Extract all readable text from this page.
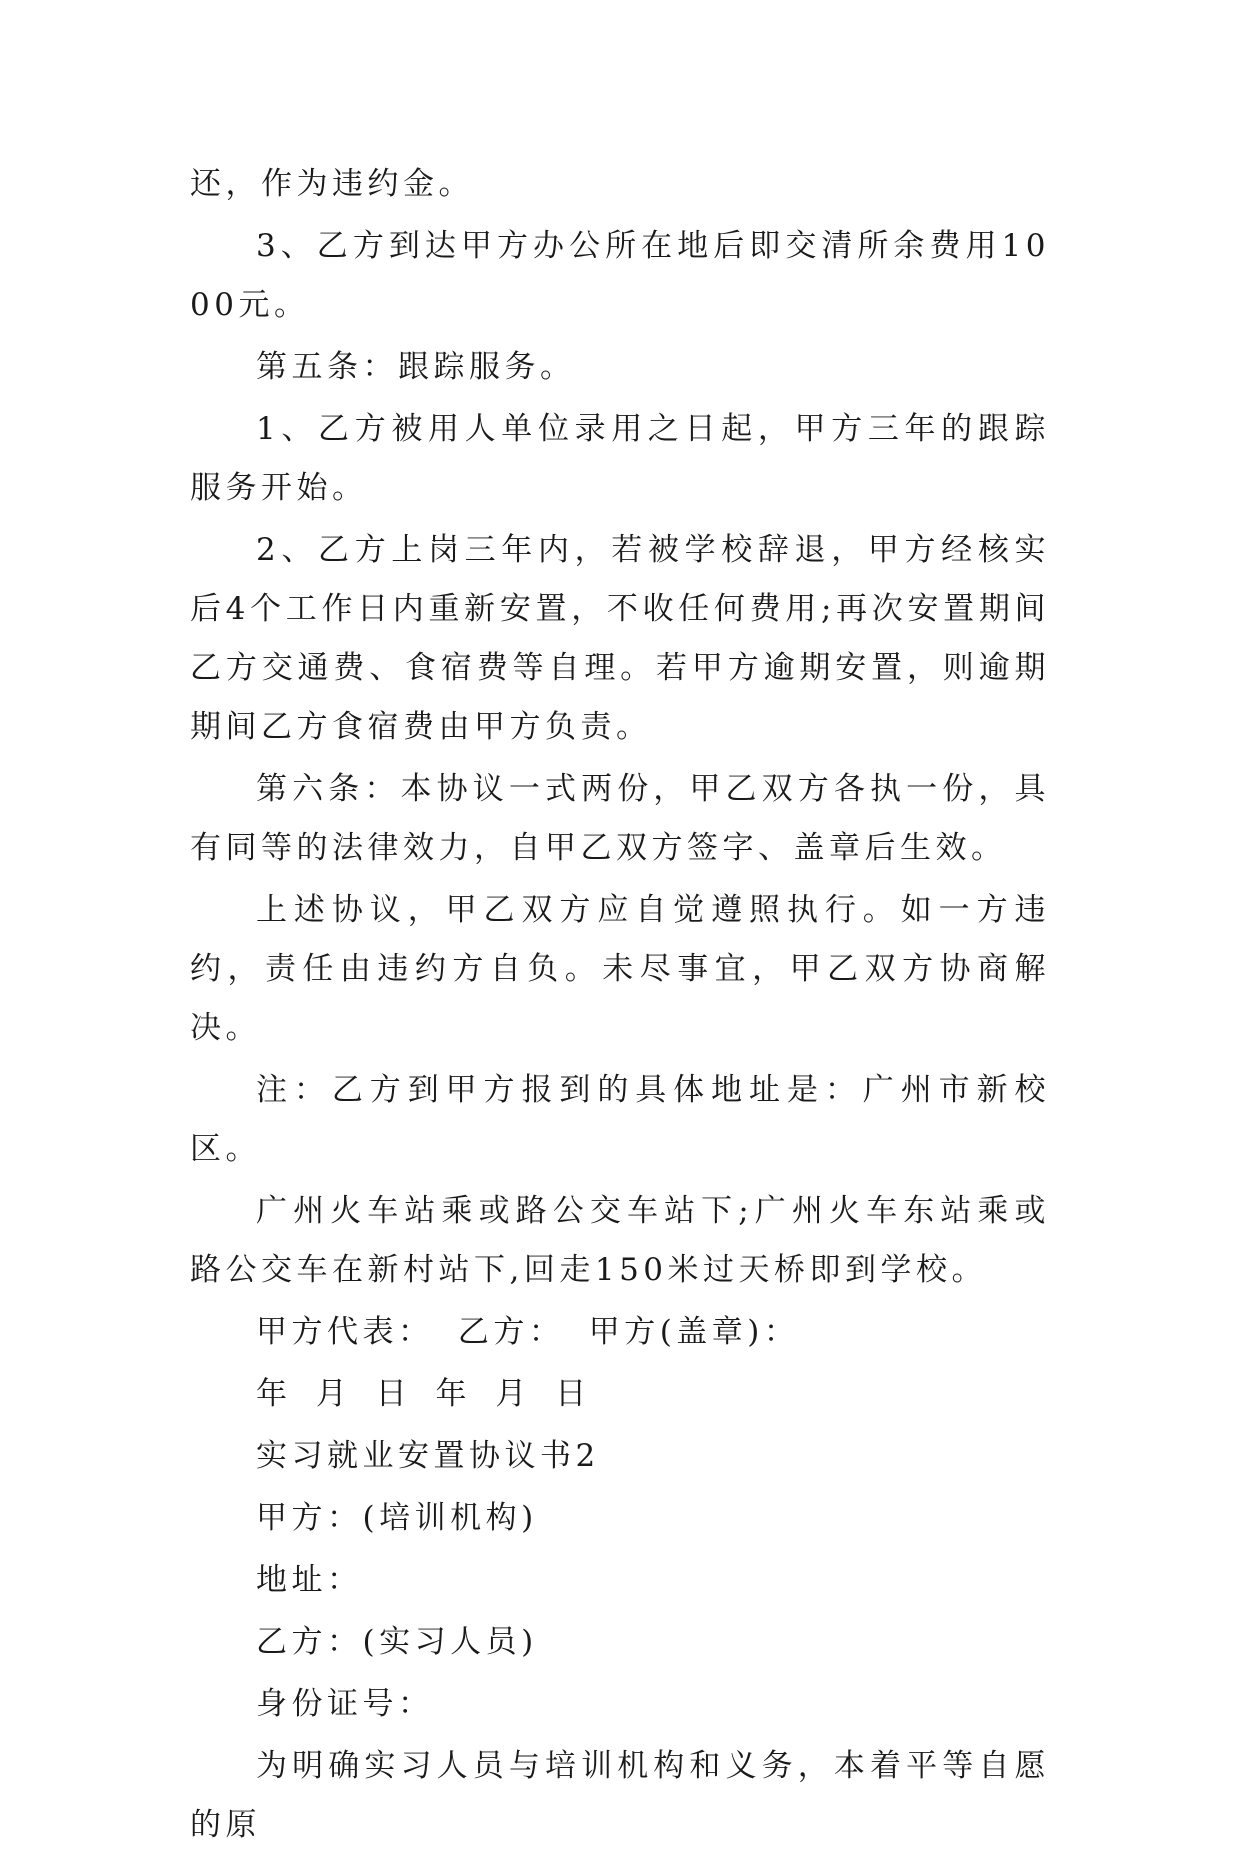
还，作为违约金。

3、乙方到达甲方办公所在地后即交清所余费用1000元。

第五条：跟踪服务。

1、乙方被用人单位录用之日起，甲方三年的跟踪服务开始。

2、乙方上岗三年内，若被学校辞退，甲方经核实后4个工作日内重新安置，不收任何费用;再次安置期间乙方交通费、食宿费等自理。若甲方逾期安置，则逾期期间乙方食宿费由甲方负责。

第六条：本协议一式两份，甲乙双方各执一份，具有同等的法律效力，自甲乙双方签字、盖章后生效。

上述协议，甲乙双方应自觉遵照执行。如一方违约，责任由违约方自负。未尽事宜，甲乙双方协商解决。

注：乙方到甲方报到的具体地址是：广州市新校区。

广州火车站乘或路公交车站下;广州火车东站乘或路公交车在新村站下,回走150米过天桥即到学校。

甲方代表： 乙方： 甲方(盖章)：

年 月 日 年 月 日

实习就业安置协议书2

甲方：(培训机构)

地址：

乙方：(实习人员)

身份证号：

为明确实习人员与培训机构和义务，本着平等自愿的原
